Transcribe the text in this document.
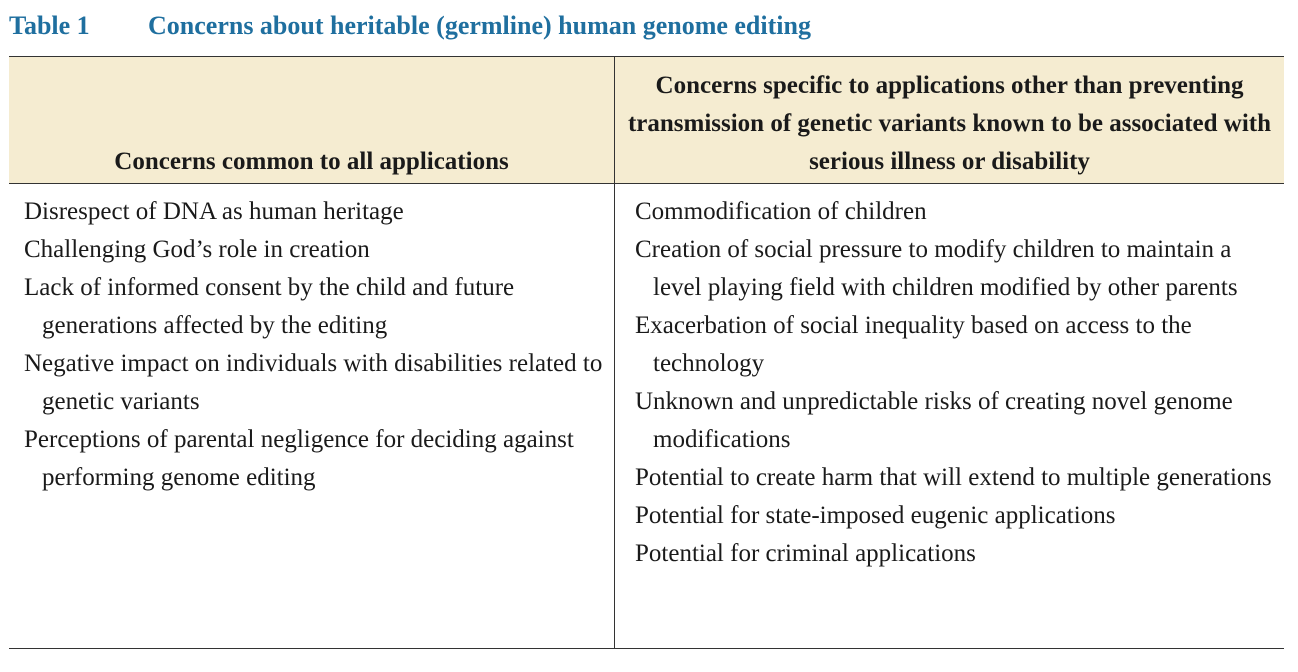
Table 1	Concerns about heritable (germline) human genome editing
Concerns common to all applications
Concerns specific to applications other than preventing transmission of genetic variants known to be associated with serious illness or disability
Disrespect of DNA as human heritage
Challenging God’s role in creation
Lack of informed consent by the child and future generations affected by the editing
Negative impact on individuals with disabilities related to genetic variants
Perceptions of parental negligence for deciding against performing genome editing
Commodification of children
Creation of social pressure to modify children to maintain a level playing field with children modified by other parents
Exacerbation of social inequality based on access to the technology
Unknown and unpredictable risks of creating novel genome modifications
Potential to create harm that will extend to multiple generations
Potential for state-imposed eugenic applications
Potential for criminal applications
